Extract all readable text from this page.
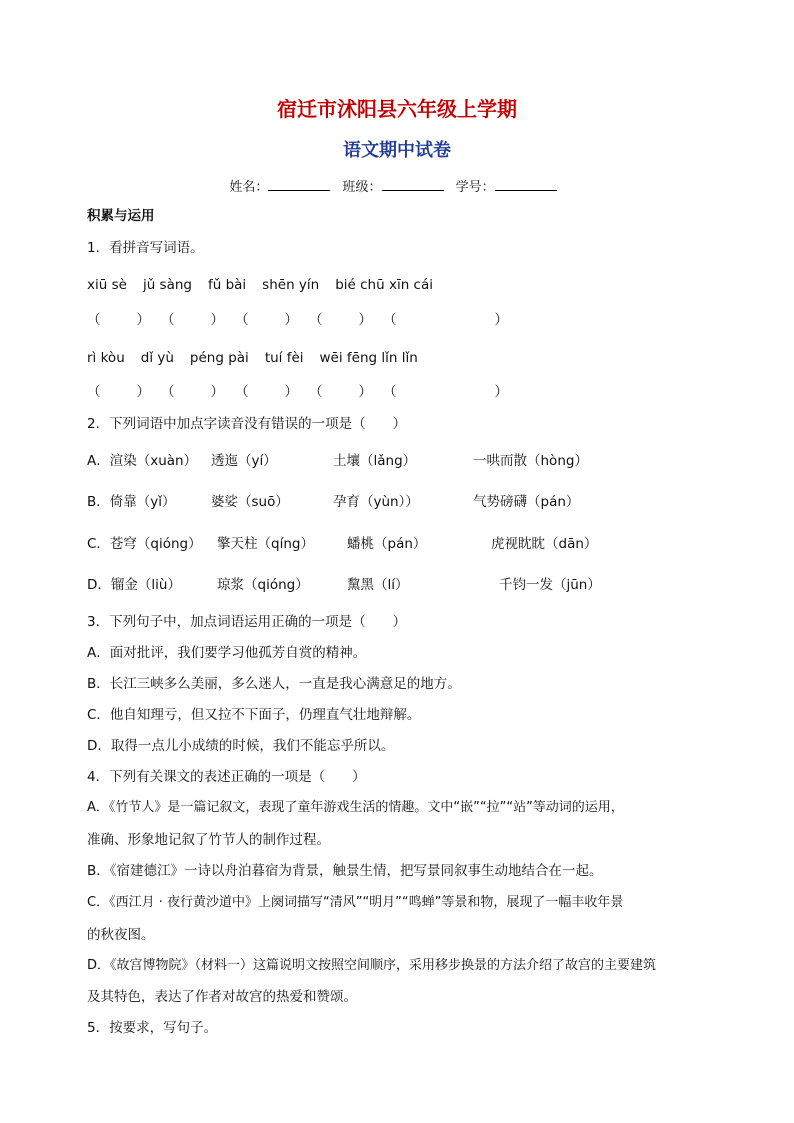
宿迁市沭阳县六年级上学期
语文期中试卷
姓名：	班级：	学号：
积累与运用
1．看拼音写词语。
xiū sè jǔ sàng fǔ bài shēn yín bié chū xīn cái
（	） （	） （	） （	） （	）
rì kòu dǐ yù péng pài tuí fèi wēi fēng lǐn lǐn
（	） （	） （	） （	） （	）
2．下列词语中加点字读音没有错误的一项是（　　）
A．渲染（xuàn） 透迤（yí）	土壤（lǎng）	一哄而散（hòng）
B．倚靠（yǐ）	婆娑（suō）	孕育（yùn））	气势磅礴（pán）
C．苍穹（qióng） 擎天柱（qíng） 蟠桃（pán）	虎视眈眈（dān）
D．镏金（liù）	琼浆（qióng）	黧黑（lí）	千钧一发（jūn）
3．下列句子中，加点词语运用正确的一项是（　　）
A．面对批评，我们要学习他孤芳自赏的精神。
B．长江三峡多么美丽，多么迷人，一直是我心满意足的地方。
C．他自知理亏，但又拉不下面子，仍理直气壮地辩解。
D．取得一点儿小成绩的时候，我们不能忘乎所以。
4．下列有关课文的表述正确的一项是（　　）
A．《竹节人》是一篇记叙文，表现了童年游戏生活的情趣。文中“嵌”“拉”“站”等动词的运用，
准确、形象地记叙了竹节人的制作过程。
B．《宿建德江》一诗以舟泊暮宿为背景，触景生情，把写景同叙事生动地结合在一起。
C．《西江月 · 夜行黄沙道中》上阕词描写“清风”“明月”“鸣蝉”等景和物，展现了一幅丰收年景
的秋夜图。
D．《故宫博物院》（材料一）这篇说明文按照空间顺序，采用移步换景的方法介绍了故宫的主要建筑
及其特色，表达了作者对故宫的热爱和赞颂。
5．按要求，写句子。
